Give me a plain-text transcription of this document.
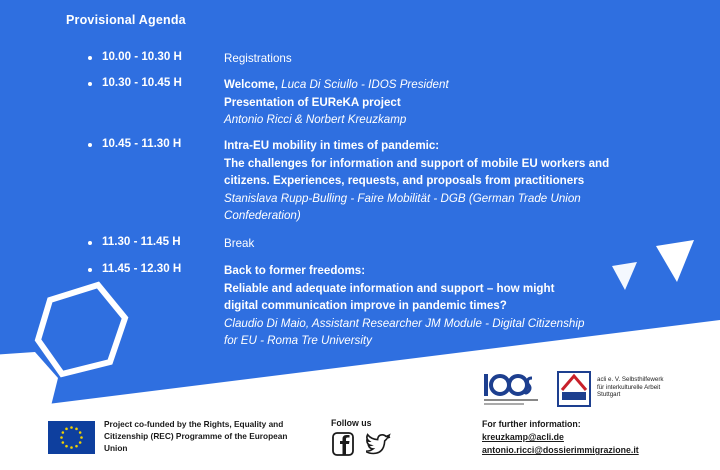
Provisional Agenda
10.00 - 10.30 H	Registrations
10.30 - 10.45 H	Welcome, Luca Di Sciullo - IDOS President
Presentation of EUReKA project
Antonio Ricci & Norbert Kreuzkamp
10.45 - 11.30 H	Intra-EU mobility in times of pandemic:
The challenges for information and support of mobile EU workers and
citizens. Experiences, requests, and proposals from practitioners
Stanislava Rupp-Bulling - Faire Mobilität - DGB (German Trade Union
Confederation)
11.30 - 11.45 H	Break
11.45 - 12.30 H	Back to former freedoms:
Reliable and adequate information and support – how might
digital communication improve in pandemic times?
Claudio Di Maio, Assistant Researcher JM Module - Digital Citizenship
for EU - Roma Tre University
acli e. V. Selbsthilfewerk für interkulturelle Arbeit Stuttgart
Project co-funded by the Rights, Equality and Citizenship (REC) Programme of the European Union
Follow us	For further information:
kreuzkamp@acli.de
antonio.ricci@dossierimmigrazione.it
